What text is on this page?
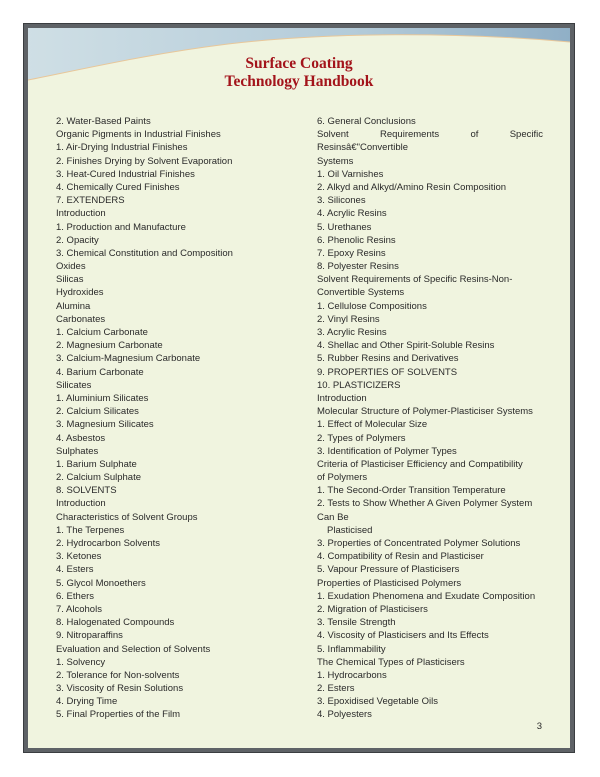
Surface Coating
Technology Handbook
2. Water-Based Paints
Organic Pigments in Industrial Finishes
1. Air-Drying Industrial Finishes
2. Finishes Drying by Solvent Evaporation
3. Heat-Cured Industrial Finishes
4. Chemically Cured Finishes
7. EXTENDERS
Introduction
1. Production and Manufacture
2. Opacity
3. Chemical Constitution and Composition
Oxides
Silicas
Hydroxides
Alumina
Carbonates
1. Calcium Carbonate
2. Magnesium Carbonate
3. Calcium-Magnesium Carbonate
4. Barium Carbonate
Silicates
1. Aluminium Silicates
2. Calcium Silicates
3. Magnesium Silicates
4. Asbestos
Sulphates
1. Barium Sulphate
2. Calcium Sulphate
8. SOLVENTS
Introduction
Characteristics of Solvent Groups
1. The Terpenes
2. Hydrocarbon Solvents
3. Ketones
4. Esters
5. Glycol Monoethers
6. Ethers
7. Alcohols
8. Halogenated Compounds
9. Nitroparaffins
Evaluation and Selection of Solvents
1. Solvency
2. Tolerance for Non-solvents
3. Viscosity of Resin Solutions
4. Drying Time
5. Final Properties of the Film
6. General Conclusions
Solvent	Requirements	of	Specific
Resinsâ€"Convertible
Systems
1. Oil Varnishes
2. Alkyd and Alkyd/Amino Resin Composition
3. Silicones
4. Acrylic Resins
5. Urethanes
6. Phenolic Resins
7. Epoxy Resins
8. Polyester Resins
Solvent Requirements of Specific Resins-Non-
Convertible Systems
1. Cellulose Compositions
2. Vinyl Resins
3. Acrylic Resins
4. Shellac and Other Spirit-Soluble Resins
5. Rubber Resins and Derivatives
9. PROPERTIES OF SOLVENTS
10. PLASTICIZERS
Introduction
Molecular Structure of Polymer-Plasticiser Systems
1. Effect of Molecular Size
2. Types of Polymers
3. Identification of Polymer Types
Criteria of Plasticiser Efficiency and Compatibility
of Polymers
1. The Second-Order Transition Temperature
2. Tests to Show Whether A Given Polymer System
Can Be
Plasticised
3. Properties of Concentrated Polymer Solutions
4. Compatibility of Resin and Plasticiser
5. Vapour Pressure of Plasticisers
Properties of Plasticised Polymers
1. Exudation Phenomena and Exudate Composition
2. Migration of Plasticisers
3. Tensile Strength
4. Viscosity of Plasticisers and Its Effects
5. Inflammability
The Chemical Types of Plasticisers
1. Hydrocarbons
2. Esters
3. Epoxidised Vegetable Oils
4. Polyesters
3
